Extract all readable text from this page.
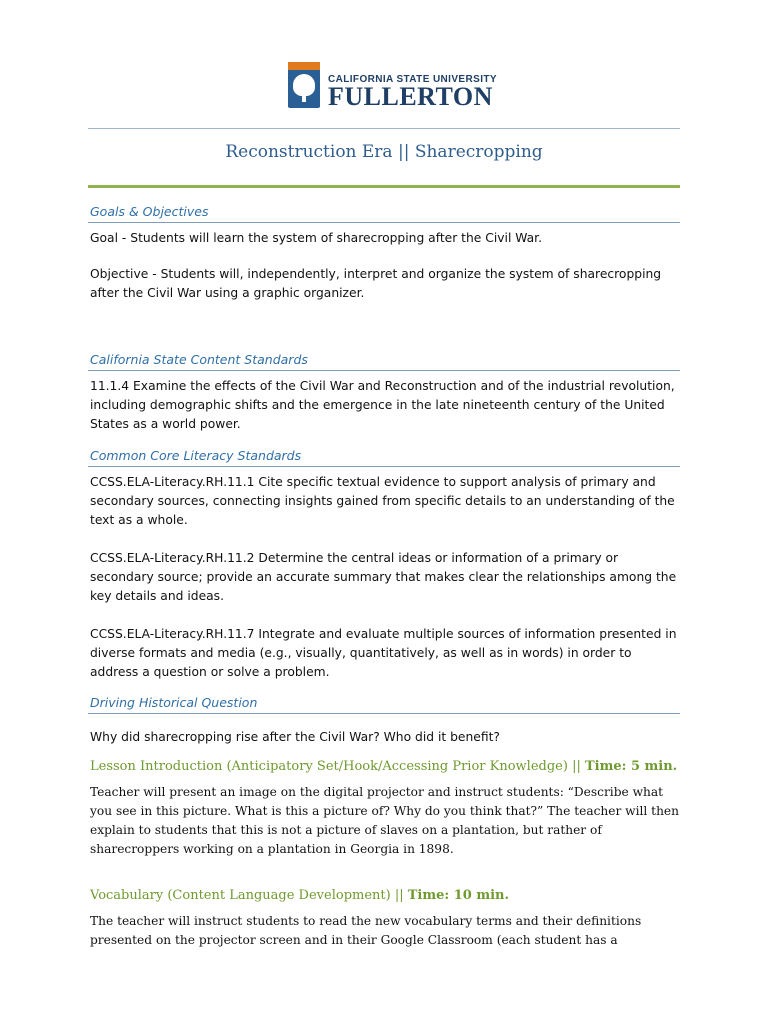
CALIFORNIA STATE UNIVERSITY
FULLERTON
Reconstruction Era || Sharecropping
Goals & Objectives
Goal - Students will learn the system of sharecropping after the Civil War.
Objective - Students will, independently, interpret and organize the system of sharecropping after the Civil War using a graphic organizer.
California State Content Standards
11.1.4 Examine the effects of the Civil War and Reconstruction and of the industrial revolution, including demographic shifts and the emergence in the late nineteenth century of the United States as a world power.
Common Core Literacy Standards
CCSS.ELA-Literacy.RH.11.1 Cite specific textual evidence to support analysis of primary and secondary sources, connecting insights gained from specific details to an understanding of the text as a whole.
CCSS.ELA-Literacy.RH.11.2 Determine the central ideas or information of a primary or secondary source; provide an accurate summary that makes clear the relationships among the key details and ideas.
CCSS.ELA-Literacy.RH.11.7 Integrate and evaluate multiple sources of information presented in diverse formats and media (e.g., visually, quantitatively, as well as in words) in order to address a question or solve a problem.
Driving Historical Question
Why did sharecropping rise after the Civil War? Who did it benefit?
Lesson Introduction (Anticipatory Set/Hook/Accessing Prior Knowledge) || Time: 5 min.
Teacher will present an image on the digital projector and instruct students: “Describe what you see in this picture. What is this a picture of? Why do you think that?” The teacher will then explain to students that this is not a picture of slaves on a plantation, but rather of sharecroppers working on a plantation in Georgia in 1898.
Vocabulary (Content Language Development) || Time: 10 min.
The teacher will instruct students to read the new vocabulary terms and their definitions presented on the projector screen and in their Google Classroom (each student has a
